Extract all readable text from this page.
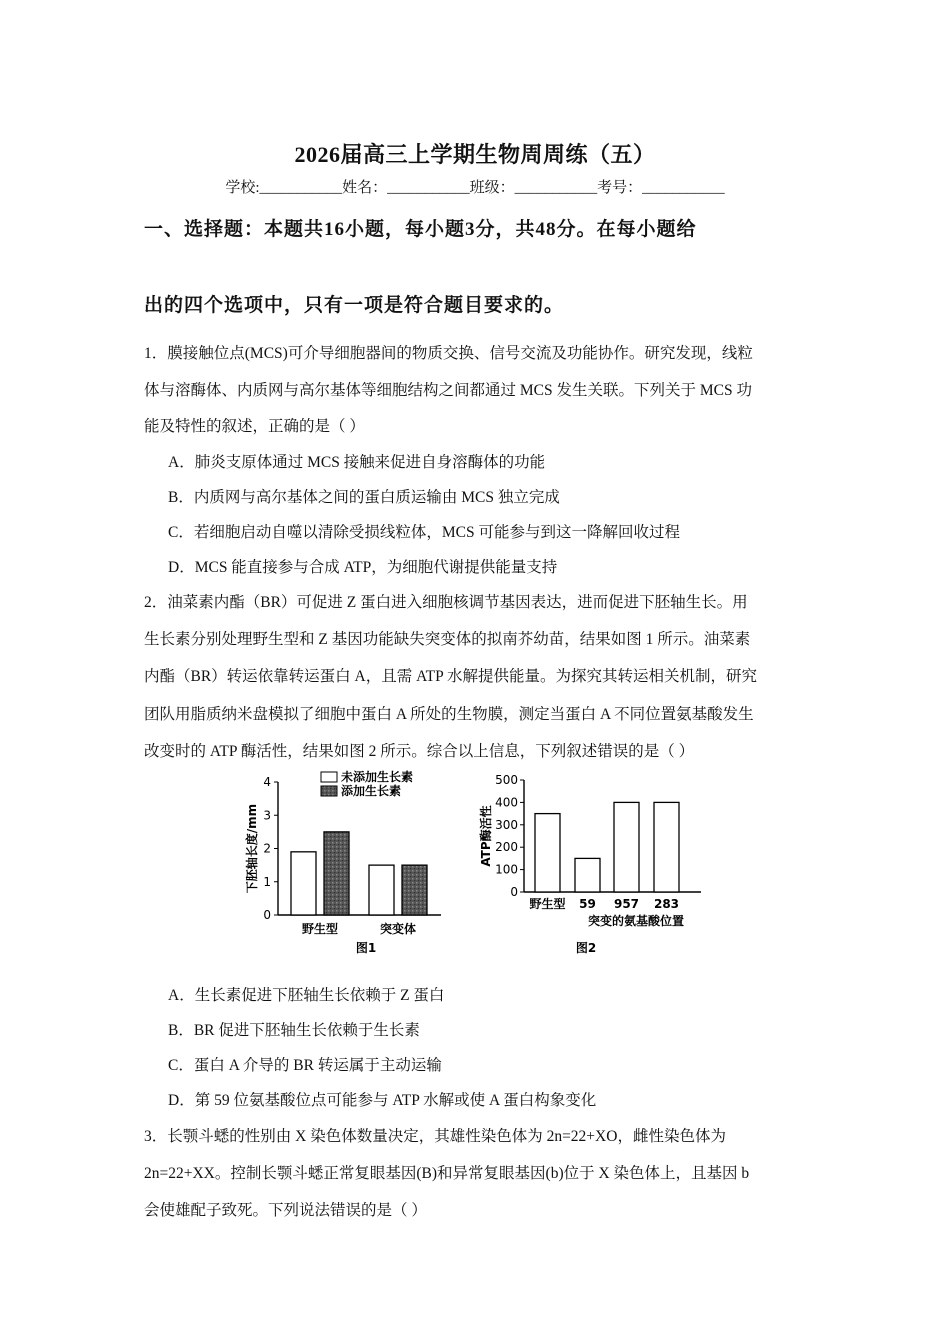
2026届高三上学期生物周周练（五）
学校:___________姓名：___________班级：___________考号：___________
一、选择题：本题共16小题，每小题3分，共48分。在每小题给
出的四个选项中，只有一项是符合题目要求的。
1．膜接触位点(MCS)可介导细胞器间的物质交换、信号交流及功能协作。研究发现，线粒
体与溶酶体、内质网与高尔基体等细胞结构之间都通过 MCS 发生关联。下列关于 MCS 功
能及特性的叙述，正确的是（ ）
A．肺炎支原体通过 MCS 接触来促进自身溶酶体的功能
B．内质网与高尔基体之间的蛋白质运输由 MCS 独立完成
C．若细胞启动自噬以清除受损线粒体，MCS 可能参与到这一降解回收过程
D．MCS 能直接参与合成 ATP，为细胞代谢提供能量支持
2．油菜素内酯（BR）可促进 Z 蛋白进入细胞核调节基因表达，进而促进下胚轴生长。用
生长素分别处理野生型和 Z 基因功能缺失突变体的拟南芥幼苗，结果如图 1 所示。油菜素
内酯（BR）转运依靠转运蛋白 A，且需 ATP 水解提供能量。为探究其转运相关机制，研究
团队用脂质纳米盘模拟了细胞中蛋白 A 所处的生物膜，测定当蛋白 A 不同位置氨基酸发生
改变时的 ATP 酶活性，结果如图 2 所示。综合以上信息，下列叙述错误的是（ ）
0
1
2
3
4
下胚轴长度/mm
野生型	突变体
未添加生长素
添加生长素
图1
0
100
200
300
400
500
ATP酶活性
野生型 59 957 283
突变的氨基酸位置
图2
A．生长素促进下胚轴生长依赖于 Z 蛋白
B．BR 促进下胚轴生长依赖于生长素
C．蛋白 A 介导的 BR 转运属于主动运输
D．第 59 位氨基酸位点可能参与 ATP 水解或使 A 蛋白构象变化
3．长颚斗蟋的性别由 X 染色体数量决定，其雄性染色体为 2n=22+XO，雌性染色体为
2n=22+XX。控制长颚斗蟋正常复眼基因(B)和异常复眼基因(b)位于 X 染色体上，且基因 b
会使雄配子致死。下列说法错误的是（ ）
